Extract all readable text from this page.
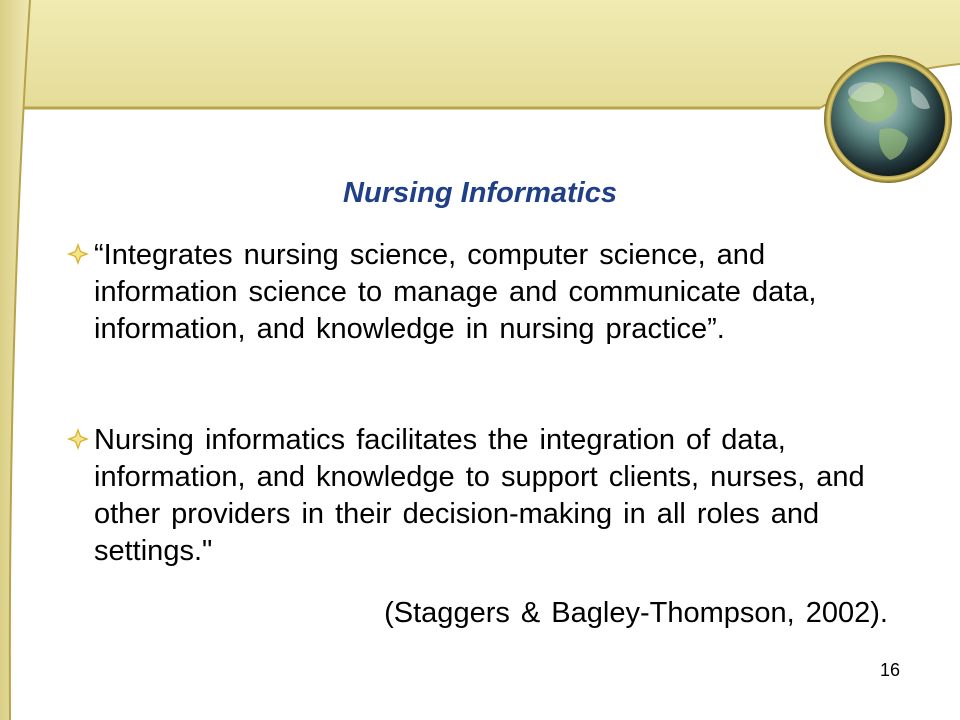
Nursing Informatics
“Integrates nursing science, computer science, and information science to manage and communicate data, information, and knowledge in nursing practice”.
Nursing informatics facilitates the integration of data, information, and knowledge to support clients, nurses, and other providers in their decision-making in all roles and settings."
(Staggers & Bagley-Thompson, 2002).
16
